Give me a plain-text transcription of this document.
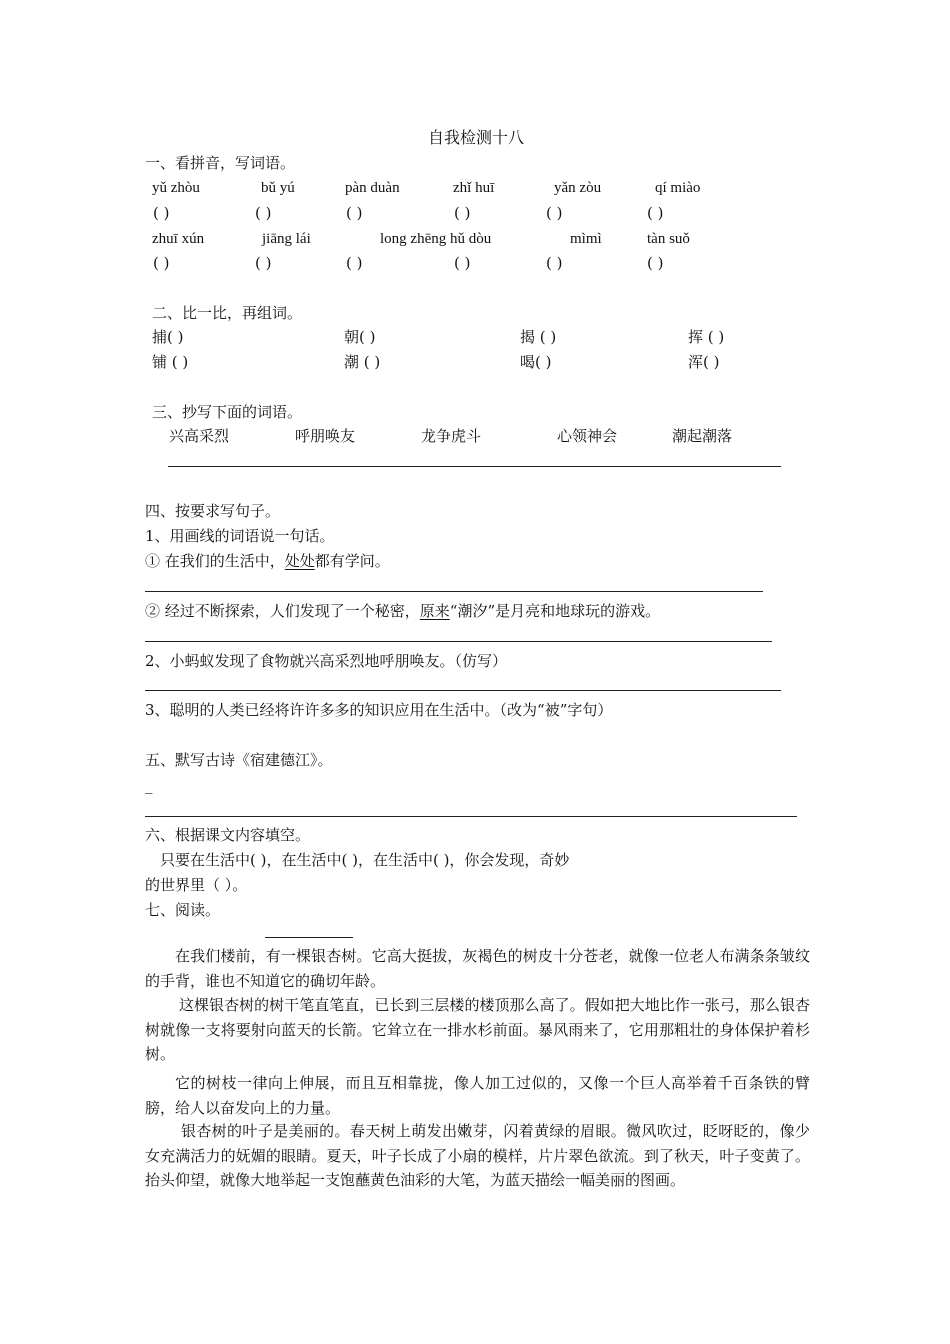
自我检测十八
一、看拼音，写词语。
yǔ zhòu	bǔ yú	pàn duàn	zhǐ huī	yǎn zòu	qí miào
( )	( )	( )	( )	( )	( )
zhuī xún	jiāng lái	long zhēng hǔ dòu	mìmì	tàn suǒ
( )	( )	( )	( )	( )	( )
二、比一比，再组词。
捕( )	朝( )	揭 ( )	挥 ( )
铺 ( )	潮 ( )	喝( )	浑( )
三、抄写下面的词语。
兴高采烈	呼朋唤友	龙争虎斗	心领神会	潮起潮落
四、按要求写句子。
1、用画线的词语说一句话。
① 在我们的生活中，处处都有学问。
② 经过不断探索，人们发现了一个秘密，原来“潮汐”是月亮和地球玩的游戏。
2、小蚂蚁发现了食物就兴高采烈地呼朋唤友。（仿写）
3、聪明的人类已经将许许多多的知识应用在生活中。（改为“被”字句）
五、默写古诗《宿建德江》。
_
六、根据课文内容填空。
只要在生活中( )，在生活中( )，在生活中( )，你会发现，奇妙
的世界里（ ）。
七、阅读。
在我们楼前，有一棵银杏树。它高大挺拔，灰褐色的树皮十分苍老，就像一位老人布满条条皱纹的手背，谁也不知道它的确切年龄。
这棵银杏树的树干笔直笔直，已长到三层楼的楼顶那么高了。假如把大地比作一张弓，那么银杏树就像一支将要射向蓝天的长箭。它耸立在一排水杉前面。暴风雨来了，它用那粗壮的身体保护着杉树。
它的树枝一律向上伸展，而且互相靠拢，像人加工过似的，又像一个巨人高举着千百条铁的臂膀，给人以奋发向上的力量。
银杏树的叶子是美丽的。春天树上萌发出嫩芽，闪着黄绿的眉眼。微风吹过，眨呀眨的，像少女充满活力的妩媚的眼睛。夏天，叶子长成了小扇的模样，片片翠色欲流。到了秋天，叶子变黄了。抬头仰望，就像大地举起一支饱蘸黄色油彩的大笔，为蓝天描绘一幅美丽的图画。
